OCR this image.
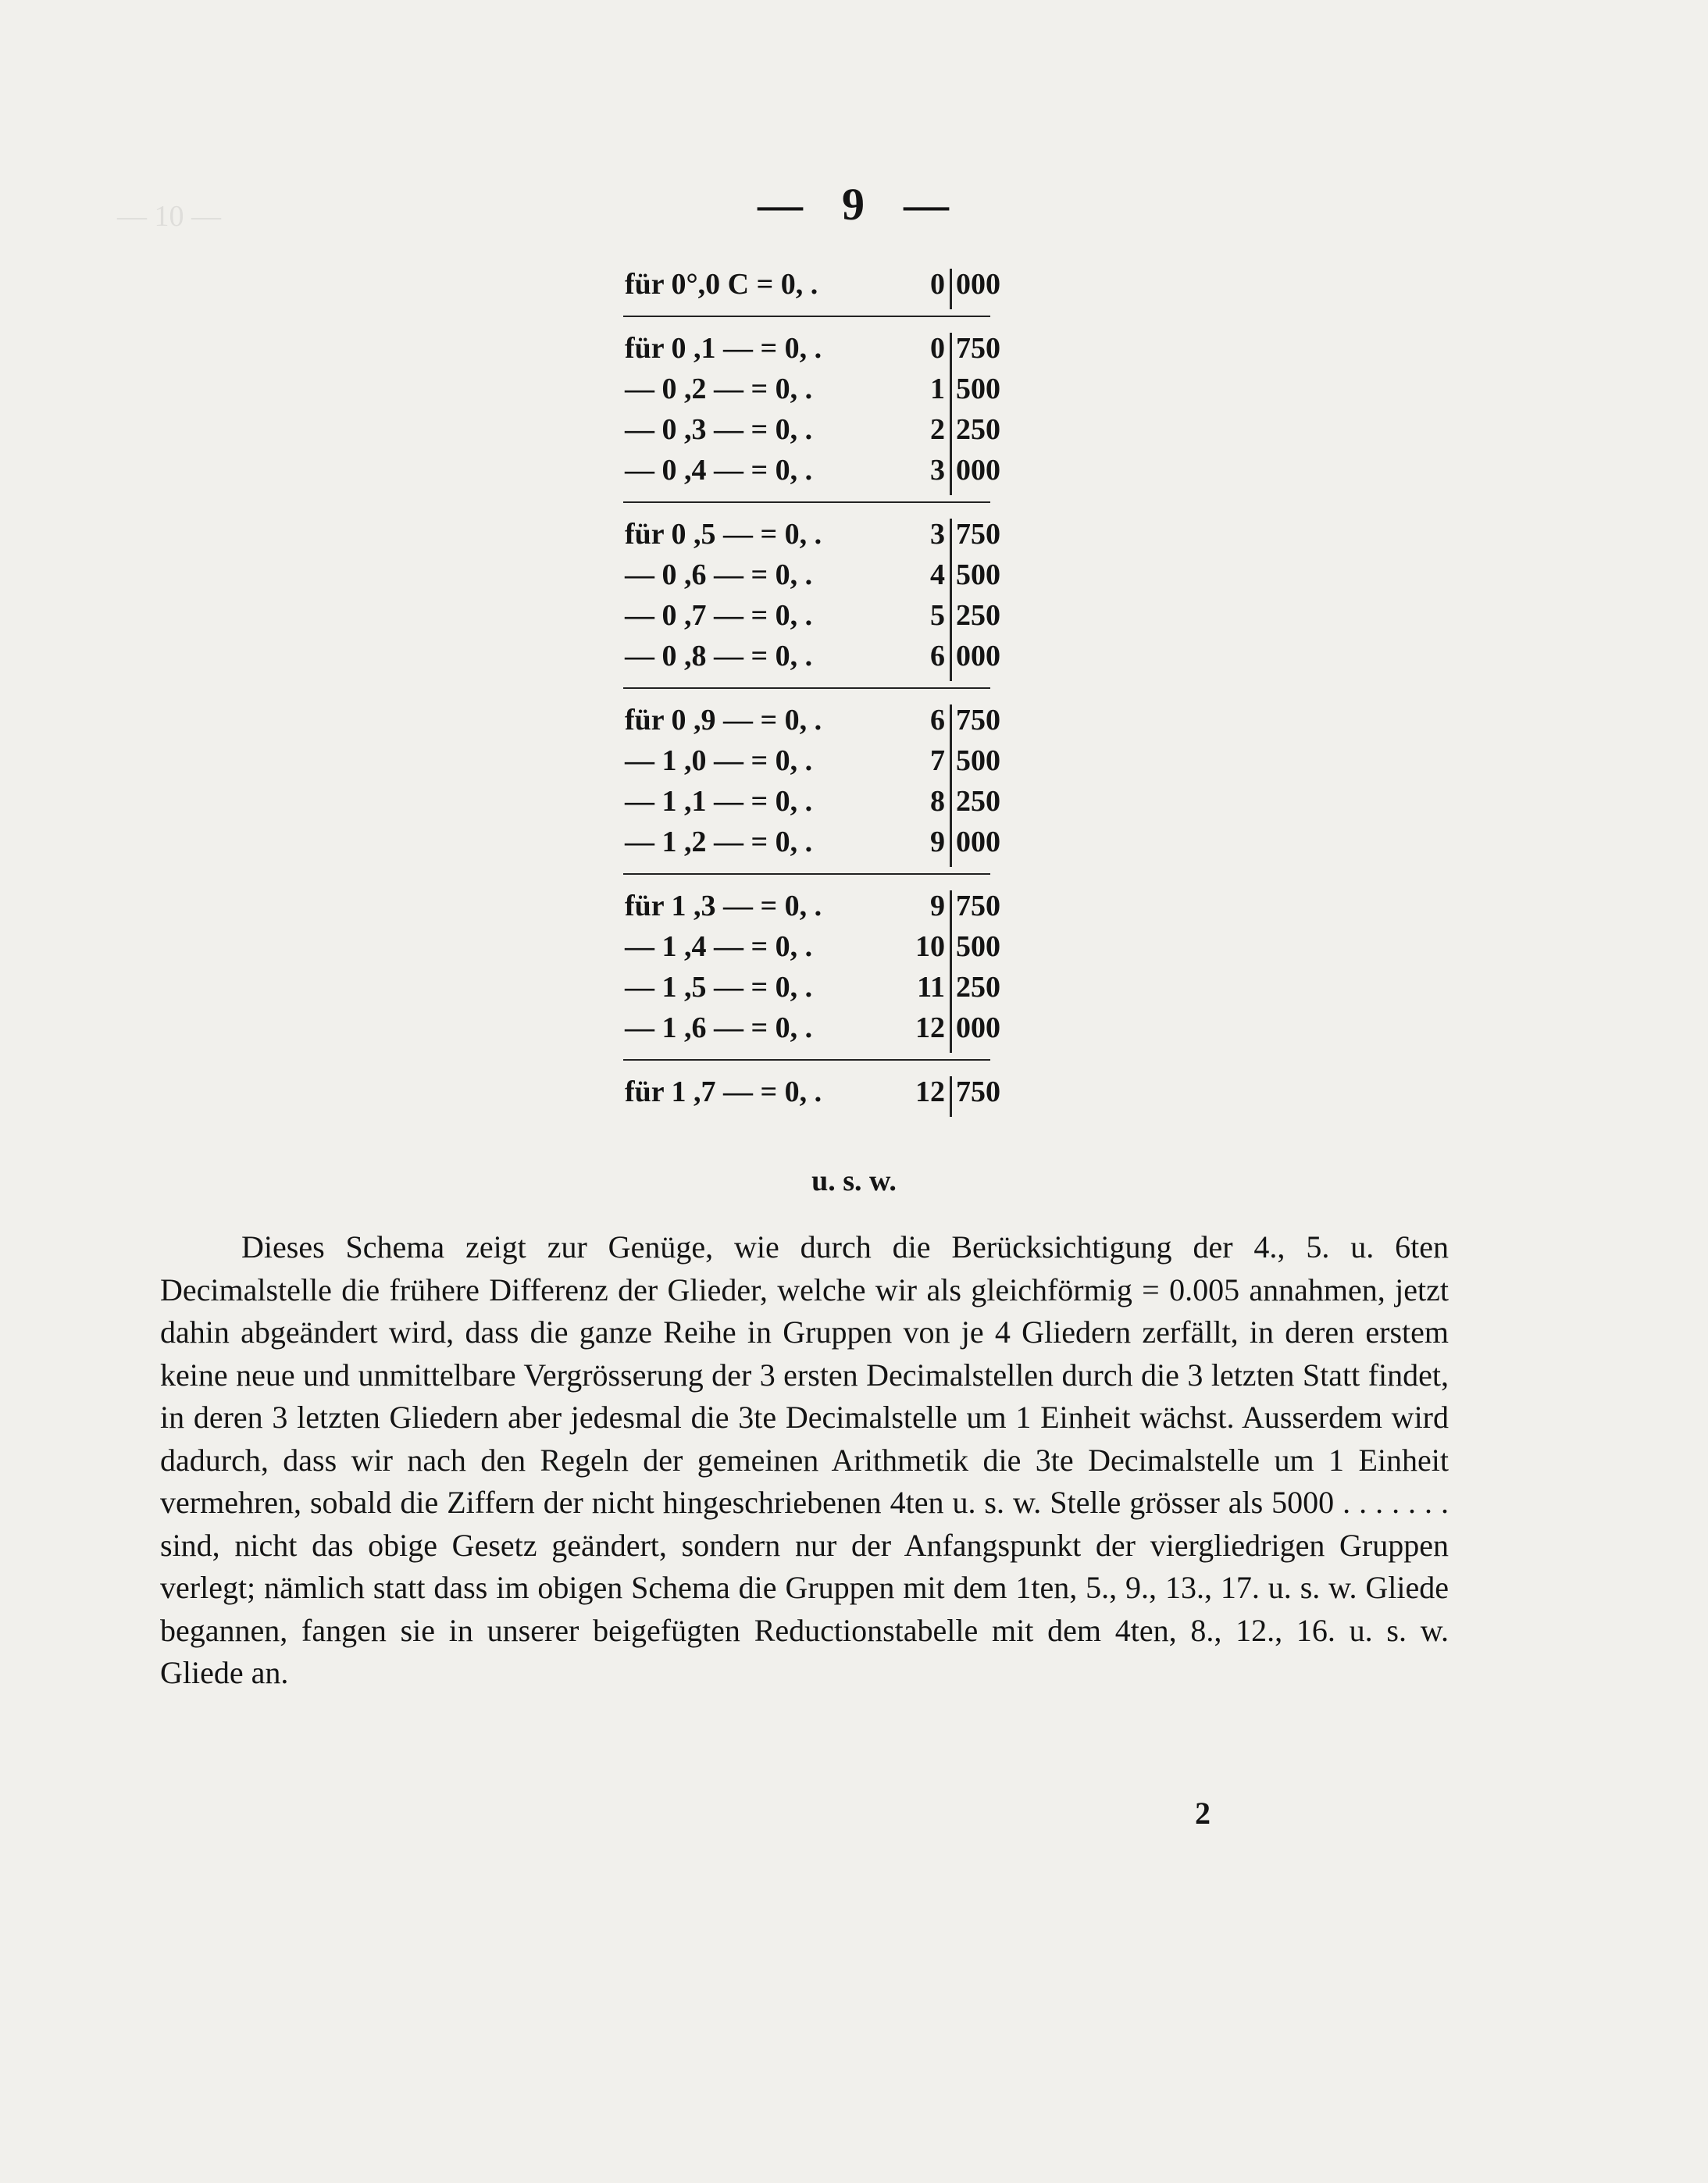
— 10 —	— 9 —
für 0°,0 C = 0, .	0 000
für 0 ,1 — = 0, .	0 750
— 0 ,2 — = 0, .	1 500
— 0 ,3 — = 0, .	2 250
— 0 ,4 — = 0, .	3 000
für 0 ,5 — = 0, .	3 750
— 0 ,6 — = 0, .	4 500
— 0 ,7 — = 0, .	5 250
— 0 ,8 — = 0, .	6 000
für 0 ,9 — = 0, .	6 750
— 1 ,0 — = 0, .	7 500
— 1 ,1 — = 0, .	8 250
— 1 ,2 — = 0, .	9 000
für 1 ,3 — = 0, .	9 750
— 1 ,4 — = 0, .	10 500
— 1 ,5 — = 0, .	11 250
— 1 ,6 — = 0, .	12 000
für 1 ,7 — = 0, .	12 750
u. s. w.
Dieses Schema zeigt zur Genüge, wie durch die Berücksichtigung der 4., 5. u. 6ten Decimalstelle die frühere Differenz der Glieder, welche wir als gleichförmig = 0.005 annahmen, jetzt dahin abgeändert wird, dass die ganze Reihe in Gruppen von je 4 Gliedern zerfällt, in deren erstem keine neue und unmittelbare Vergrösserung der 3 ersten Decimalstellen durch die 3 letzten Statt findet, in deren 3 letzten Gliedern aber jedesmal die 3te Decimalstelle um 1 Einheit wächst. Ausserdem wird dadurch, dass wir nach den Regeln der gemeinen Arithmetik die 3te Decimalstelle um 1 Einheit vermehren, sobald die Ziffern der nicht hingeschriebenen 4ten u. s. w. Stelle grösser als 5000 . . . . . . . sind, nicht das obige Gesetz geändert, sondern nur der Anfangspunkt der viergliedrigen Gruppen verlegt; nämlich statt dass im obigen Schema die Gruppen mit dem 1ten, 5., 9., 13., 17. u. s. w. Gliede begannen, fangen sie in unserer beigefügten Reductionstabelle mit dem 4ten, 8., 12., 16. u. s. w. Gliede an.
2
